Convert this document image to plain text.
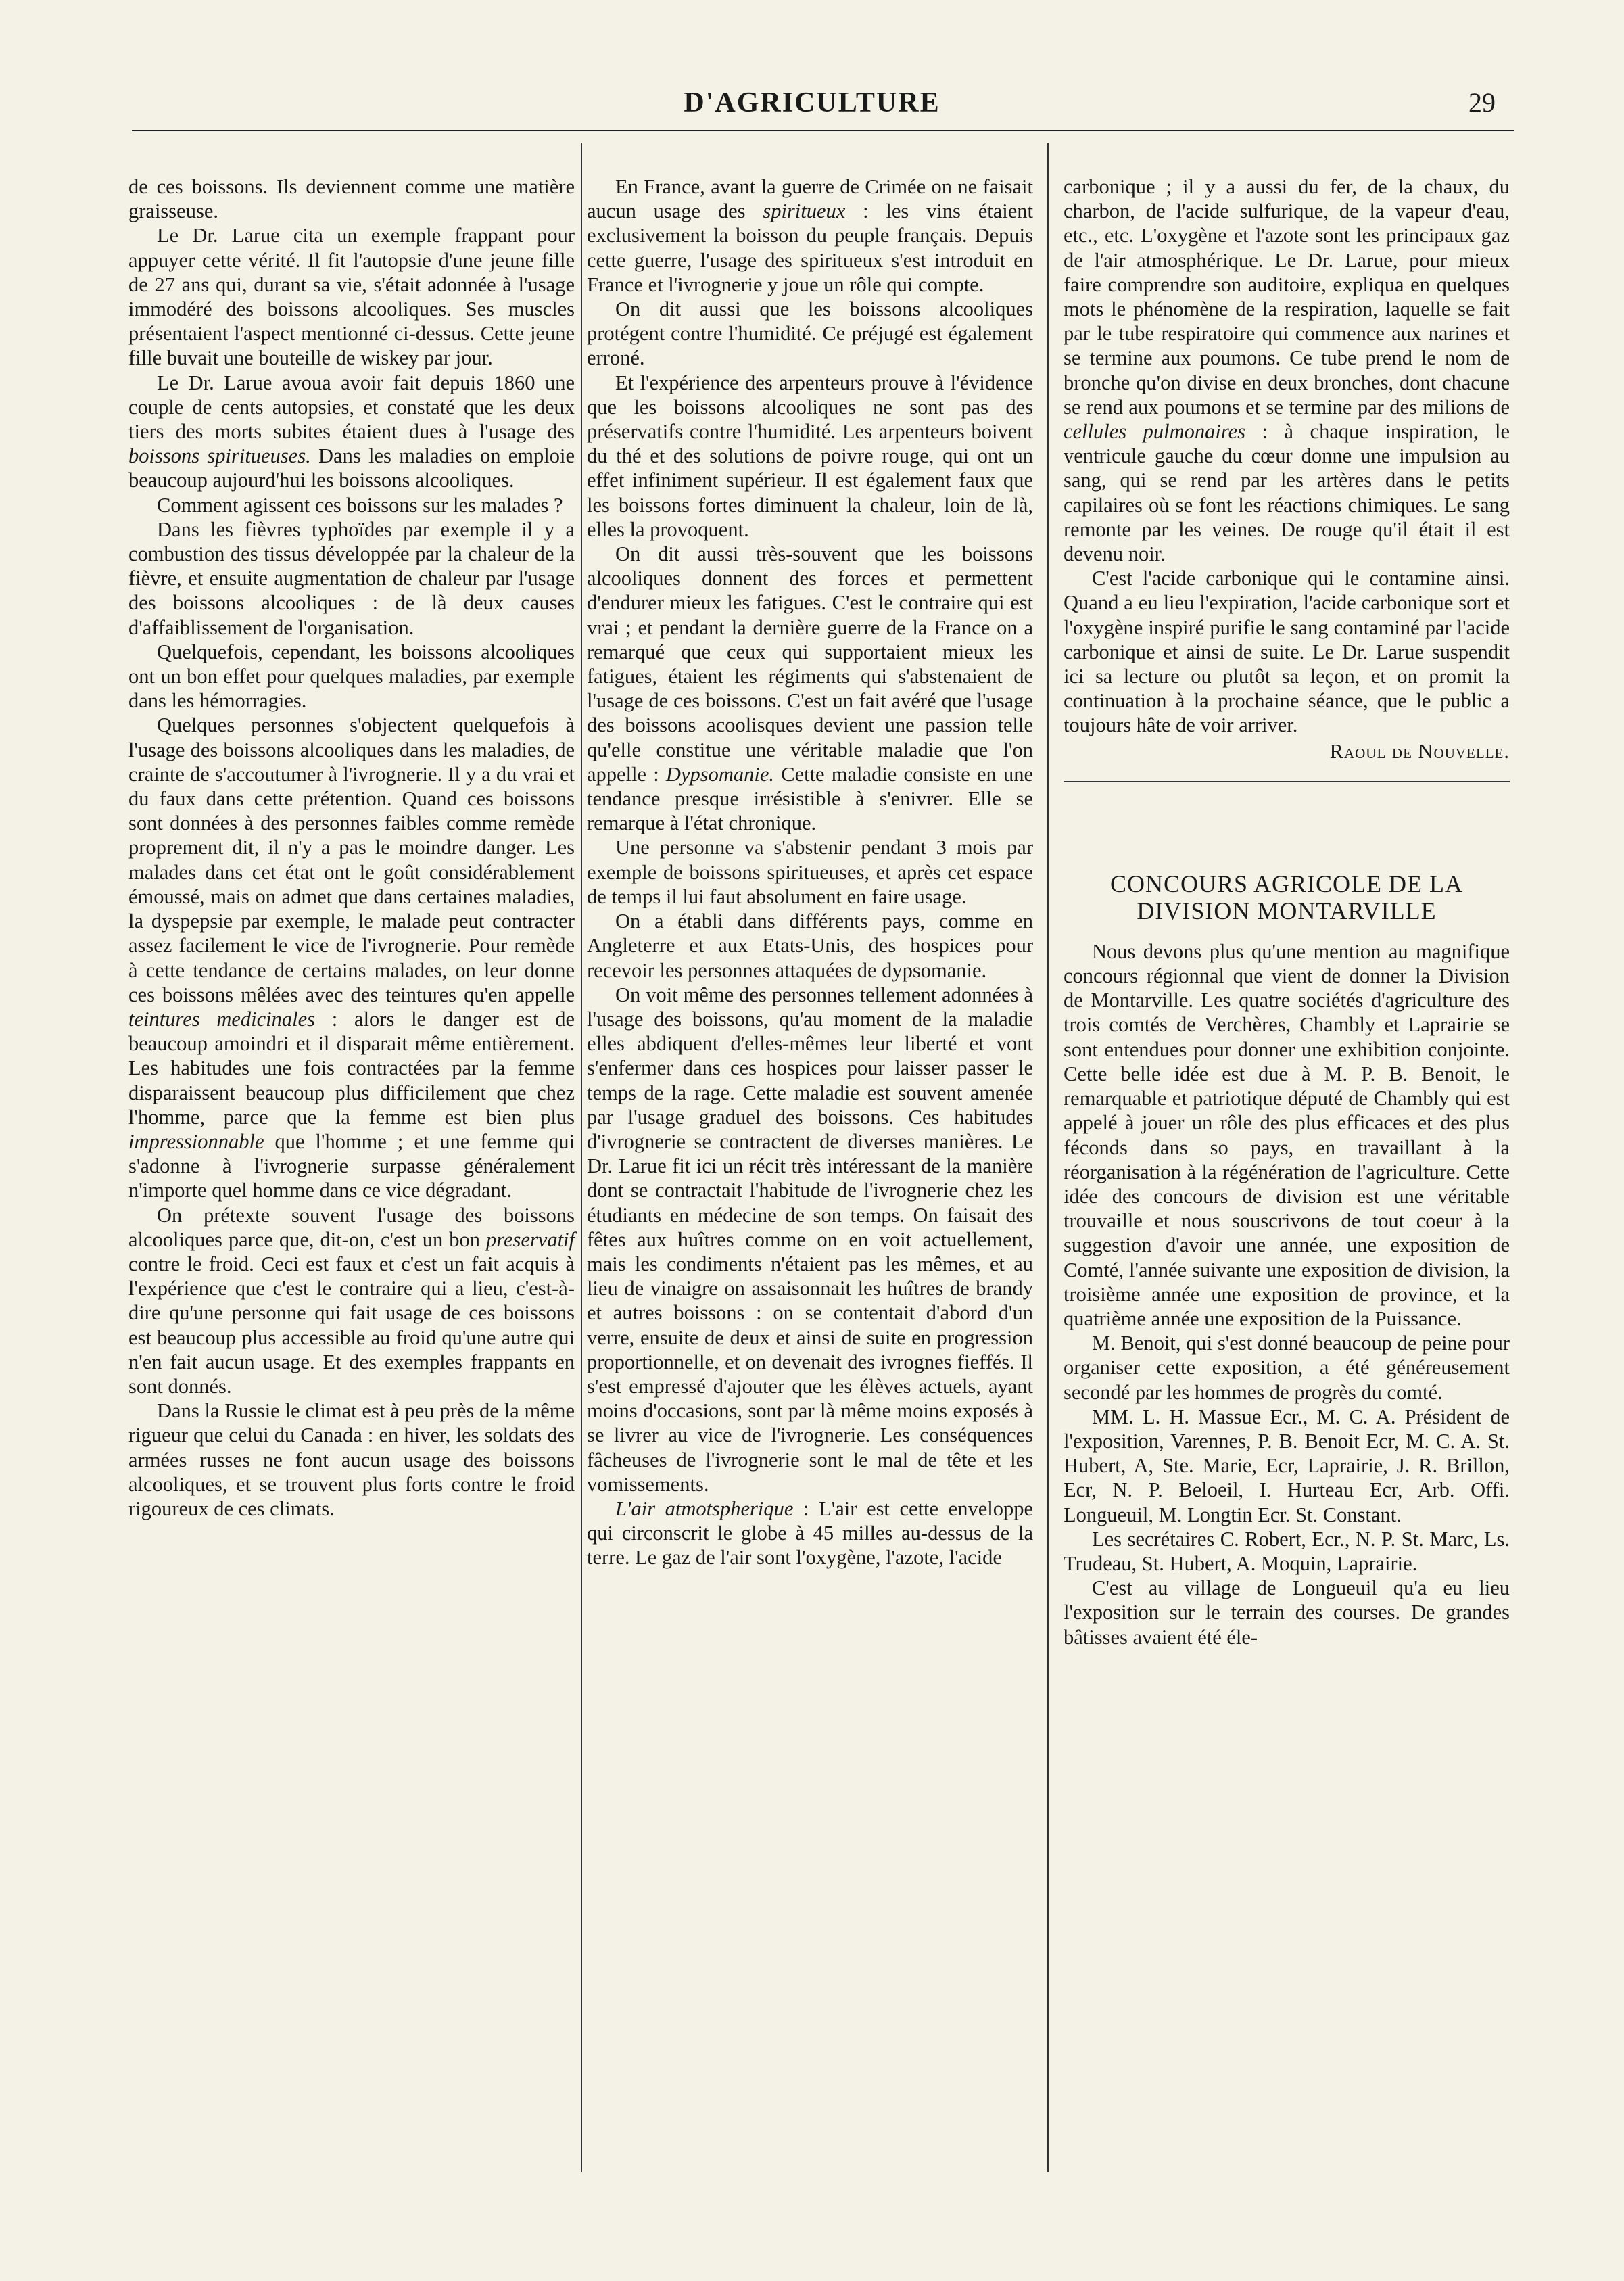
D'AGRICULTURE	29

de ces boissons. Ils deviennent comme une matière graisseuse.

Le Dr. Larue cita un exemple frappant pour appuyer cette vérité. Il fit l'autopsie d'une jeune fille de 27 ans qui, durant sa vie, s'était adonnée à l'usage immodéré des boissons alcooliques. Ses muscles présentaient l'aspect mentionné ci-dessus. Cette jeune fille buvait une bouteille de wiskey par jour.

Le Dr. Larue avoua avoir fait depuis 1860 une couple de cents autopsies, et constaté que les deux tiers des morts subites étaient dues à l'usage des boissons spiritueuses. Dans les maladies on emploie beaucoup aujourd'hui les boissons alcooliques.

Comment agissent ces boissons sur les malades ?

Dans les fièvres typhoïdes par exemple il y a combustion des tissus développée par la chaleur de la fièvre, et ensuite augmentation de chaleur par l'usage des boissons alcooliques : de là deux causes d'affaiblissement de l'organisation.

Quelquefois, cependant, les boissons alcooliques ont un bon effet pour quelques maladies, par exemple dans les hémorragies.

Quelques personnes s'objectent quelquefois à l'usage des boissons alcooliques dans les maladies, de crainte de s'accoutumer à l'ivrognerie. Il y a du vrai et du faux dans cette prétention. Quand ces boissons sont données à des personnes faibles comme remède proprement dit, il n'y a pas le moindre danger. Les malades dans cet état ont le goût considérablement émoussé, mais on admet que dans certaines maladies, la dyspepsie par exemple, le malade peut contracter assez facilement le vice de l'ivrognerie. Pour remède à cette tendance de certains malades, on leur donne ces boissons mêlées avec des teintures qu'en appelle teintures medicinales : alors le danger est de beaucoup amoindri et il disparait même entièrement. Les habitudes une fois contractées par la femme disparaissent beaucoup plus difficilement que chez l'homme, parce que la femme est bien plus impressionnable que l'homme ; et une femme qui s'adonne à l'ivrognerie surpasse généralement n'importe quel homme dans ce vice dégradant.

On prétexte souvent l'usage des boissons alcooliques parce que, dit-on, c'est un bon preservatif contre le froid. Ceci est faux et c'est un fait acquis à l'expérience que c'est le contraire qui a lieu, c'est-à-dire qu'une personne qui fait usage de ces boissons est beaucoup plus accessible au froid qu'une autre qui n'en fait aucun usage. Et des exemples frappants en sont donnés.

Dans la Russie le climat est à peu près de la même rigueur que celui du Canada : en hiver, les soldats des armées russes ne font aucun usage des boissons alcooliques, et se trouvent plus forts contre le froid rigoureux de ces climats.

En France, avant la guerre de Crimée on ne faisait aucun usage des spiritueux : les vins étaient exclusivement la boisson du peuple français. Depuis cette guerre, l'usage des spiritueux s'est introduit en France et l'ivrognerie y joue un rôle qui compte.

On dit aussi que les boissons alcooliques protégent contre l'humidité. Ce préjugé est également erroné.

Et l'expérience des arpenteurs prouve à l'évidence que les boissons alcooliques ne sont pas des préservatifs contre l'humidité. Les arpenteurs boivent du thé et des solutions de poivre rouge, qui ont un effet infiniment supérieur. Il est également faux que les boissons fortes diminuent la chaleur, loin de là, elles la provoquent.

On dit aussi très-souvent que les boissons alcooliques donnent des forces et permettent d'endurer mieux les fatigues. C'est le contraire qui est vrai ; et pendant la dernière guerre de la France on a remarqué que ceux qui supportaient mieux les fatigues, étaient les régiments qui s'abstenaient de l'usage de ces boissons. C'est un fait avéré que l'usage des boissons acoolisques devient une passion telle qu'elle constitue une véritable maladie que l'on appelle : Dypsomanie. Cette maladie consiste en une tendance presque irrésistible à s'enivrer. Elle se remarque à l'état chronique.

Une personne va s'abstenir pendant 3 mois par exemple de boissons spiritueuses, et après cet espace de temps il lui faut absolument en faire usage.

On a établi dans différents pays, comme en Angleterre et aux Etats-Unis, des hospices pour recevoir les personnes attaquées de dypsomanie.

On voit même des personnes tellement adonnées à l'usage des boissons, qu'au moment de la maladie elles abdiquent d'elles-mêmes leur liberté et vont s'enfermer dans ces hospices pour laisser passer le temps de la rage. Cette maladie est souvent amenée par l'usage graduel des boissons. Ces habitudes d'ivrognerie se contractent de diverses manières. Le Dr. Larue fit ici un récit très intéressant de la manière dont se contractait l'habitude de l'ivrognerie chez les étudiants en médecine de son temps. On faisait des fêtes aux huîtres comme on en voit actuellement, mais les condiments n'étaient pas les mêmes, et au lieu de vinaigre on assaisonnait les huîtres de brandy et autres boissons : on se contentait d'abord d'un verre, ensuite de deux et ainsi de suite en progression proportionnelle, et on devenait des ivrognes fieffés. Il s'est empressé d'ajouter que les élèves actuels, ayant moins d'occasions, sont par là même moins exposés à se livrer au vice de l'ivrognerie. Les conséquences fâcheuses de l'ivrognerie sont le mal de tête et les vomissements.

L'air atmotspherique : L'air est cette enveloppe qui circonscrit le globe à 45 milles au-dessus de la terre. Le gaz de l'air sont l'oxygène, l'azote, l'acide

carbonique ; il y a aussi du fer, de la chaux, du charbon, de l'acide sulfurique, de la vapeur d'eau, etc., etc. L'oxygène et l'azote sont les principaux gaz de l'air atmosphérique. Le Dr. Larue, pour mieux faire comprendre son auditoire, expliqua en quelques mots le phénomène de la respiration, laquelle se fait par le tube respiratoire qui commence aux narines et se termine aux poumons. Ce tube prend le nom de bronche qu'on divise en deux bronches, dont chacune se rend aux poumons et se termine par des milions de cellules pulmonaires : à chaque inspiration, le ventricule gauche du cœur donne une impulsion au sang, qui se rend par les artères dans le petits capilaires où se font les réactions chimiques. Le sang remonte par les veines. De rouge qu'il était il est devenu noir.

C'est l'acide carbonique qui le contamine ainsi. Quand a eu lieu l'expiration, l'acide carbonique sort et l'oxygène inspiré purifie le sang contaminé par l'acide carbonique et ainsi de suite. Le Dr. Larue suspendit ici sa lecture ou plutôt sa leçon, et on promit la continuation à la prochaine séance, que le public a toujours hâte de voir arriver.

Raoul de Nouvelle.

CONCOURS AGRICOLE DE LA
DIVISION MONTARVILLE

Nous devons plus qu'une mention au magnifique concours régionnal que vient de donner la Division de Montarville. Les quatre sociétés d'agriculture des trois comtés de Verchères, Chambly et Laprairie se sont entendues pour donner une exhibition conjointe. Cette belle idée est due à M. P. B. Benoit, le remarquable et patriotique député de Chambly qui est appelé à jouer un rôle des plus efficaces et des plus féconds dans so pays, en travaillant à la réorganisation à la régénération de l'agriculture. Cette idée des concours de division est une véritable trouvaille et nous souscrivons de tout coeur à la suggestion d'avoir une année, une exposition de Comté, l'année suivante une exposition de division, la troisième année une exposition de province, et la quatrième année une exposition de la Puissance.

M. Benoit, qui s'est donné beaucoup de peine pour organiser cette exposition, a été généreusement secondé par les hommes de progrès du comté.

MM. L. H. Massue Ecr., M. C. A. Président de l'exposition, Varennes, P. B. Benoit Ecr, M. C. A. St. Hubert, A, Ste. Marie, Ecr, Laprairie, J. R. Brillon, Ecr, N. P. Beloeil, I. Hurteau Ecr, Arb. Offi. Longueuil, M. Longtin Ecr. St. Constant.

Les secrétaires C. Robert, Ecr., N. P. St. Marc, Ls. Trudeau, St. Hubert, A. Moquin, Laprairie.

C'est au village de Longueuil qu'a eu lieu l'exposition sur le terrain des courses. De grandes bâtisses avaient été éle-
